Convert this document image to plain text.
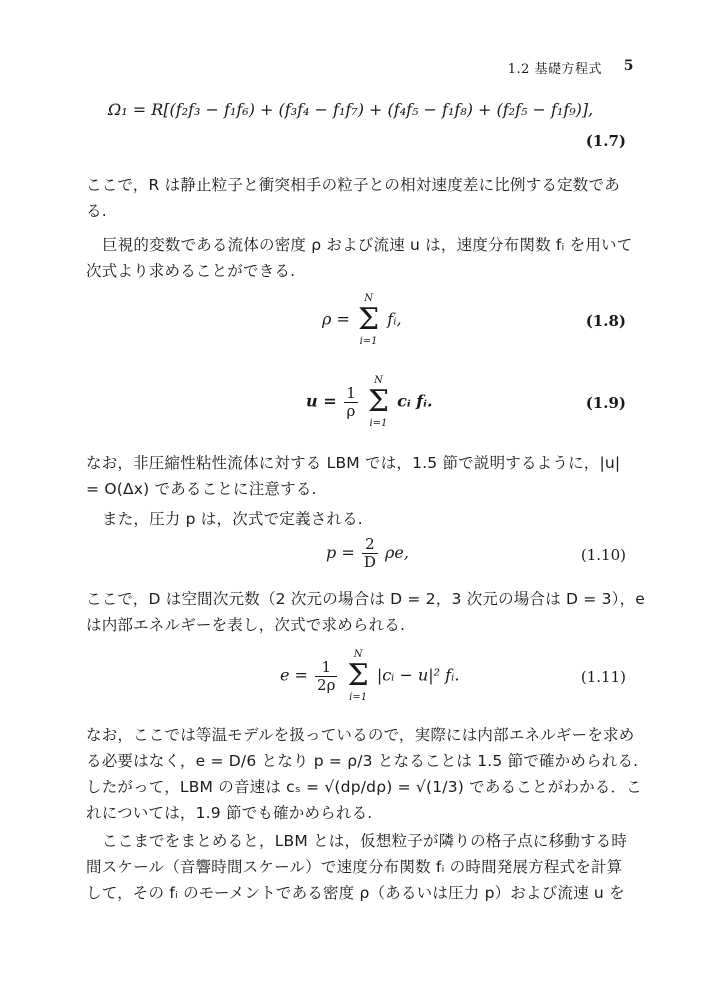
1.2 基礎方程式 5
Ω₁ = R[(f₂f₃ − f₁f₆) + (f₃f₄ − f₁f₇) + (f₄f₅ − f₁f₈) + (f₂f₅ − f₁f₉)],
(1.7)
ここで，R は静止粒子と衝突相手の粒子との相対速度差に比例する定数であ
る.
巨視的変数である流体の密度 ρ および流速 u は，速度分布関数 fᵢ を用いて
次式より求めることができる.
ρ =
N
Σ
i=1
fᵢ,	(1.8)
$u = \frac{1}{\rho}$

N
Σ
i=1
cᵢ fᵢ.	(1.9)
なお，非圧縮性粘性流体に対する LBM では，1.5 節で説明するように，|u|
= O(Δx) であることに注意する.
また，圧力 p は，次式で定義される.
$p = \frac{2}{D} \rho e$,	(1.10)
ここで，D は空間次元数（2 次元の場合は D = 2，3 次元の場合は D = 3），e
は内部エネルギーを表し，次式で求められる.
$e = \frac{1}{2\rho}$

N
Σ
i=1
|cᵢ − u|² fᵢ.	(1.11)
なお，ここでは等温モデルを扱っているので，実際には内部エネルギーを求め
る必要はなく，e = D/6 となり p = ρ/3 となることは 1.5 節で確かめられる.
したがって，LBM の音速は cₛ = √(dp/dρ) = √(1/3) であることがわかる．こ
れについては，1.9 節でも確かめられる.
ここまでをまとめると，LBM とは，仮想粒子が隣りの格子点に移動する時
間スケール（音響時間スケール）で速度分布関数 fᵢ の時間発展方程式を計算
して，その fᵢ のモーメントである密度 ρ（あるいは圧力 p）および流速 u を
